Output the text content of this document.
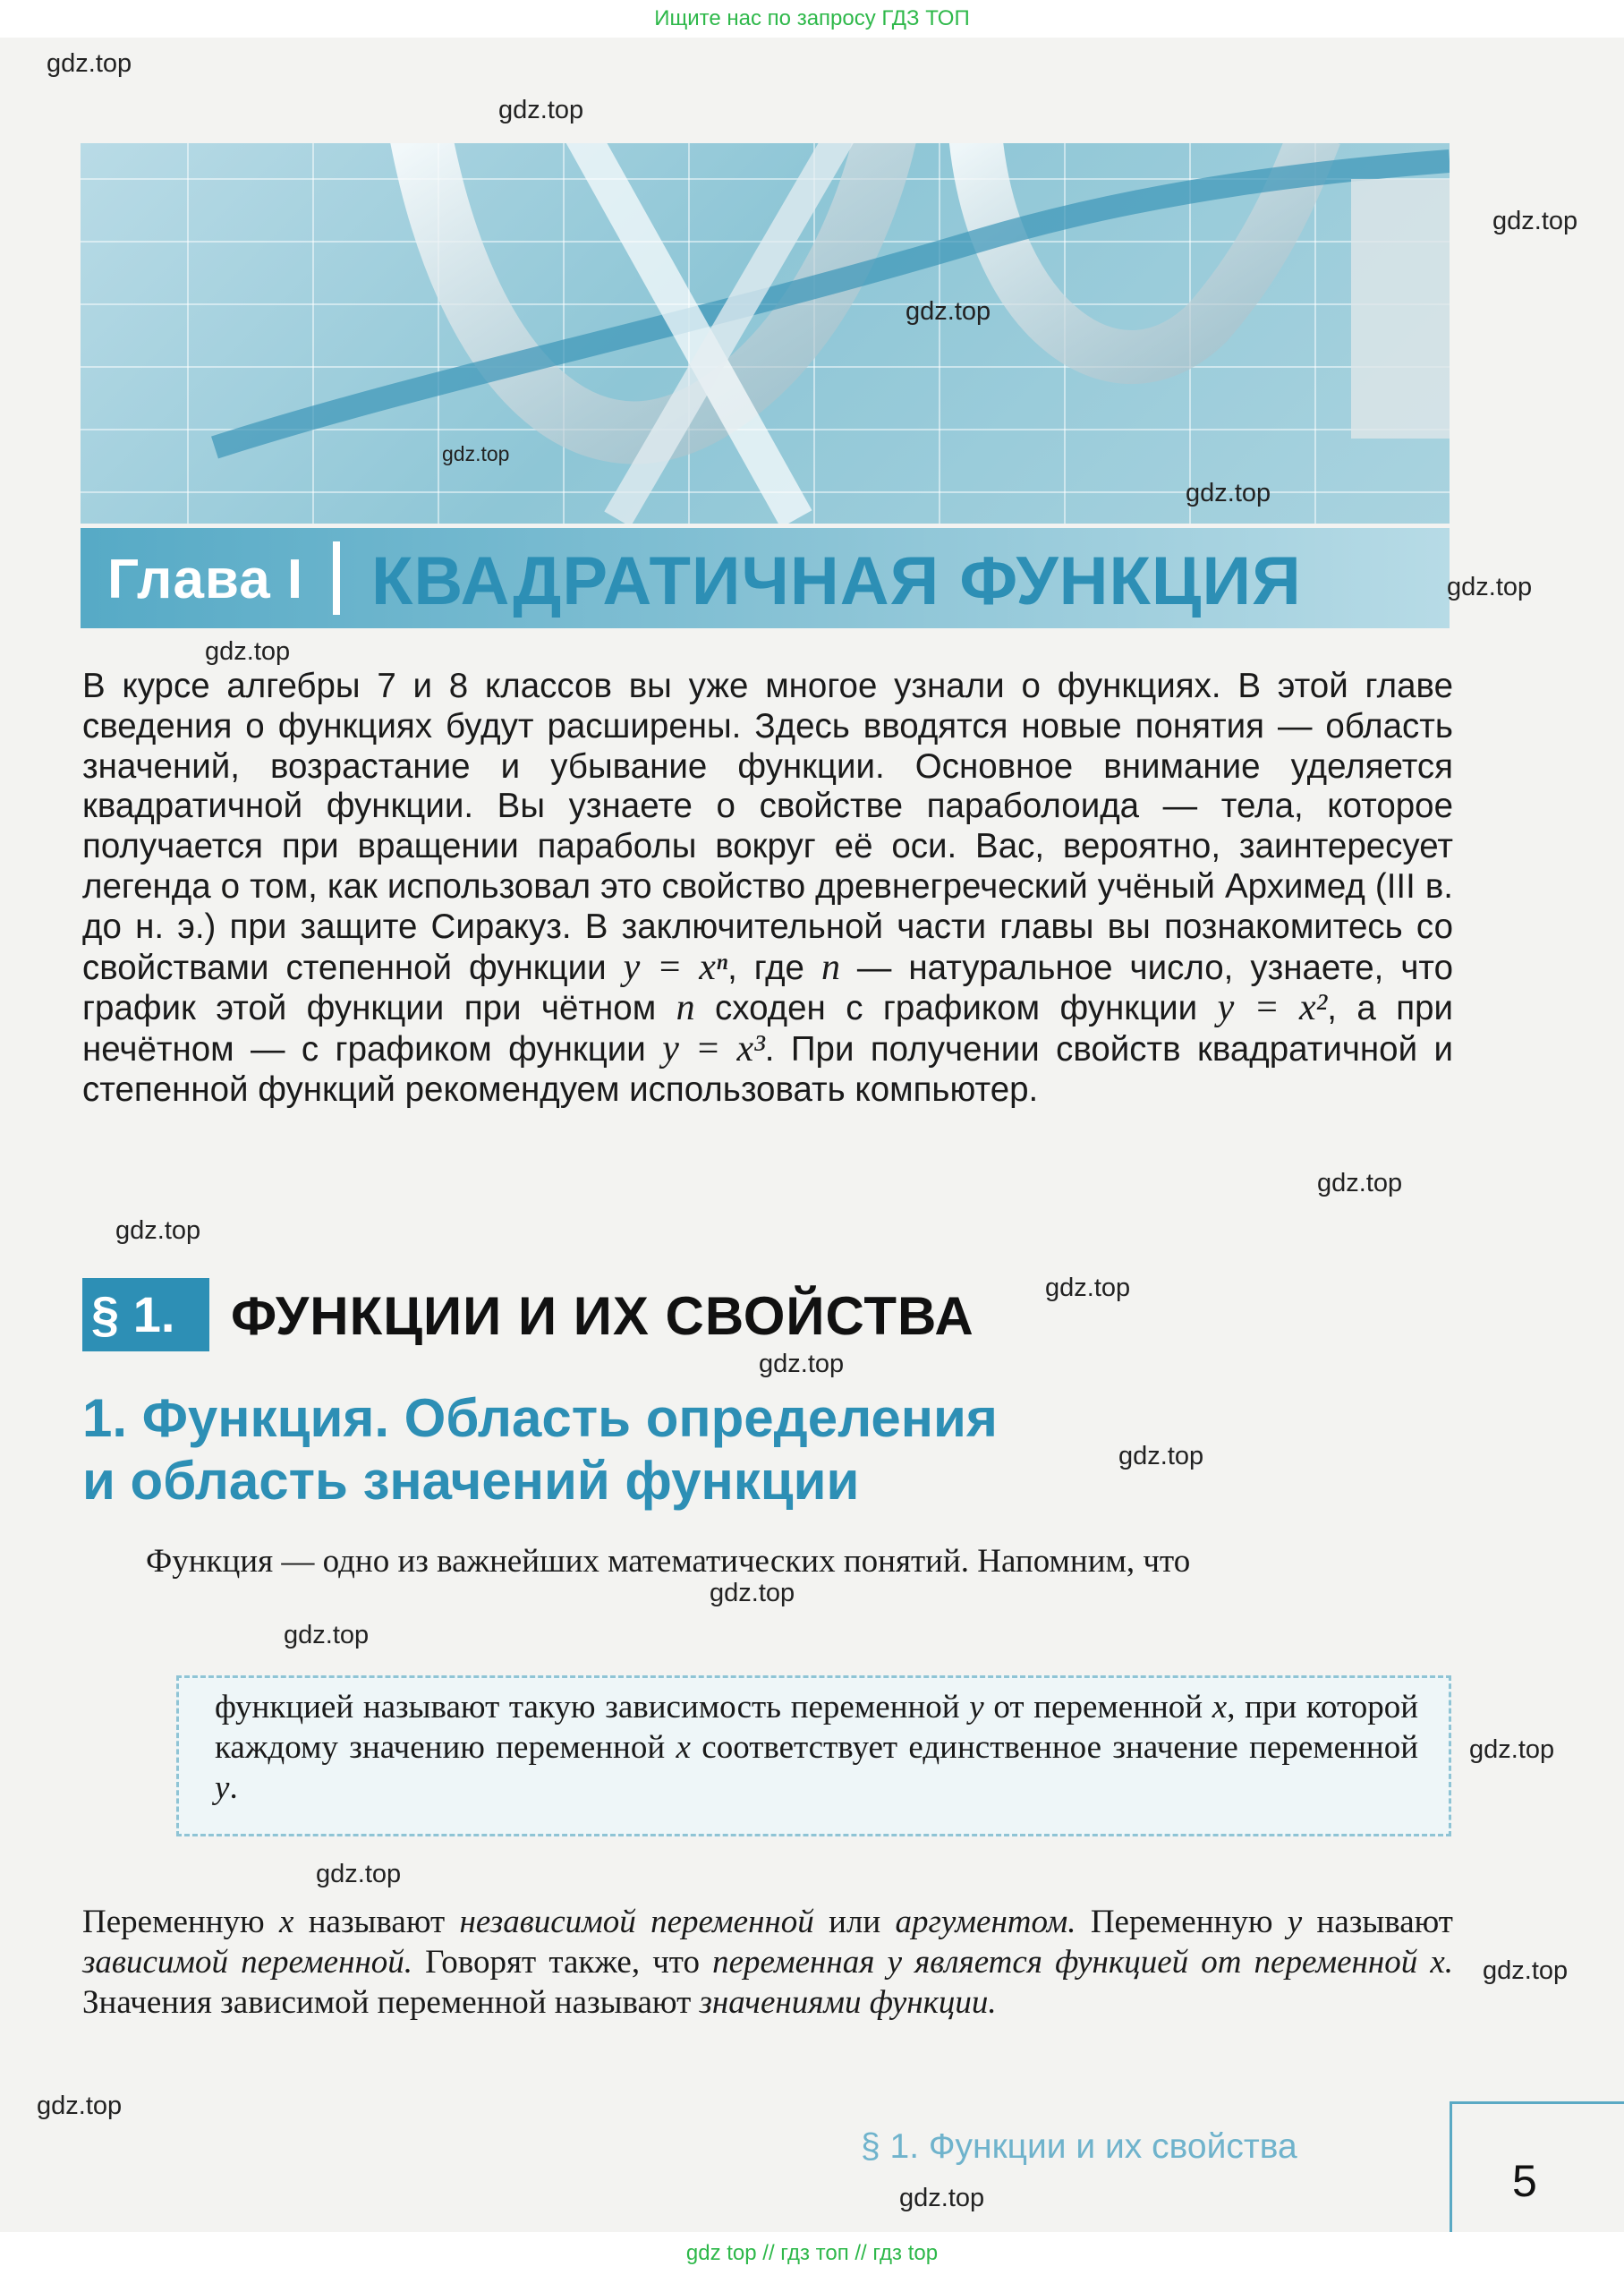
Ищите нас по запросу ГДЗ ТОП
gdz top // гдз топ // гдз top
Глава I КВАДРАТИЧНАЯ ФУНКЦИЯ
В курсе алгебры 7 и 8 классов вы уже многое узнали о функциях. В этой главе сведения о функциях будут расширены. Здесь вводятся новые понятия — область значений, возрастание и убывание функции. Основное внимание уделяется квадратичной функции. Вы узнаете о свойстве параболоида — тела, которое получается при вращении параболы вокруг её оси. Вас, вероятно, заинтересует легенда о том, как использовал это свойство древнегреческий учёный Архимед (III в. до н. э.) при защите Сиракуз. В заключительной части главы вы познакомитесь со свойствами степенной функции y = xⁿ, где n — натуральное число, узнаете, что график этой функции при чётном n сходен с графиком функции y = x², а при нечётном — с графиком функции y = x³. При получении свойств квадратичной и степенной функций рекомендуем использовать компьютер.
§ 1. ФУНКЦИИ И ИХ СВОЙСТВА
1. Функция. Область определения
и область значений функции
Функция — одно из важнейших математических понятий. Напомним, что
функцией называют такую зависимость переменной y от переменной x, при которой каждому значению переменной x соответствует единственное значение переменной y.
Переменную x называют независимой переменной или аргументом. Переменную y называют зависимой переменной. Говорят также, что переменная y является функцией от переменной x. Значения зависимой переменной называют значениями функции.
§ 1. Функции и их свойства
5
gdz.top
gdz.top
gdz.top
gdz.top
gdz.top
gdz.top
gdz.top
gdz.top
gdz.top
gdz.top
gdz.top
gdz.top
gdz.top
gdz.top
gdz.top
gdz.top
gdz.top
gdz.top
gdz.top
gdz.top
